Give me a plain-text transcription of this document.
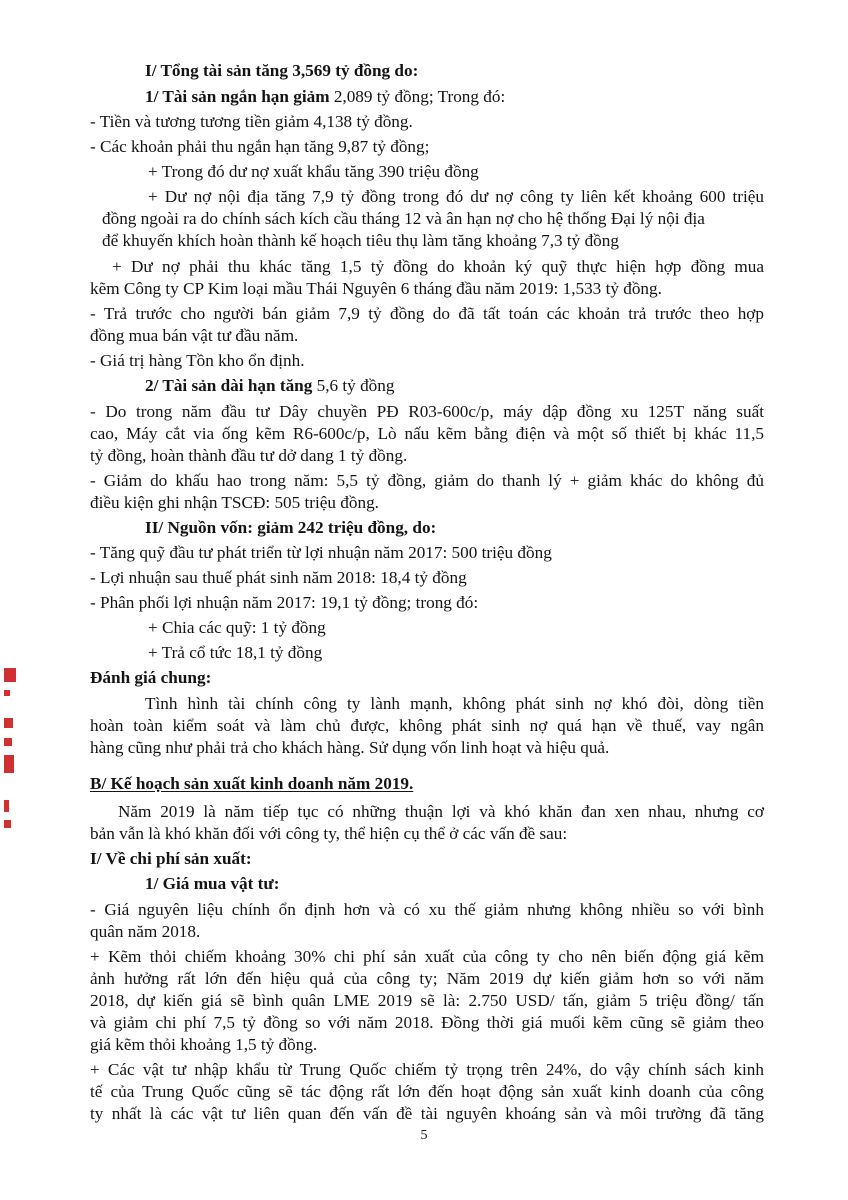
I/ Tổng tài sản tăng 3,569 tỷ đồng do:

1/ Tài sản ngắn hạn giảm 2,089 tỷ đồng; Trong đó:

- Tiền và tương tương tiền giảm 4,138 tỷ đồng.

- Các khoản phải thu ngắn hạn tăng 9,87 tỷ đồng;

+ Trong đó dư nợ xuất khẩu tăng 390 triệu đồng

+ Dư nợ nội địa tăng 7,9 tỷ đồng trong đó dư nợ công ty liên kết khoảng 600 triệu

đồng ngoài ra do chính sách kích cầu tháng 12 và ân hạn nợ cho hệ thống Đại lý nội địa

để khuyến khích hoàn thành kế hoạch tiêu thụ làm tăng khoảng 7,3 tỷ đồng

+ Dư nợ phải thu khác tăng 1,5 tỷ đồng do khoản ký quỹ thực hiện hợp đồng mua

kẽm Công ty CP Kim loại mầu Thái Nguyên 6 tháng đầu năm 2019: 1,533 tỷ đồng.

- Trả trước cho người bán giảm 7,9 tỷ đồng do đã tất toán các khoản trả trước theo hợp

đồng mua bán vật tư đầu năm.

- Giá trị hàng Tồn kho ổn định.

2/ Tài sản dài hạn tăng 5,6 tỷ đồng

- Do trong năm đầu tư Dây chuyền PĐ R03-600c/p, máy dập đồng xu 125T năng suất

cao, Máy cắt via ống kẽm R6-600c/p, Lò nấu kẽm bằng điện và một số thiết bị khác 11,5

tỷ đồng, hoàn thành đầu tư dở dang 1 tỷ đồng.

- Giảm do khấu hao trong năm: 5,5 tỷ đồng, giảm do thanh lý + giảm khác do không đủ

điều kiện ghi nhận TSCĐ: 505 triệu đồng.

II/ Nguồn vốn: giảm 242 triệu đồng, do:

- Tăng quỹ đầu tư phát triển từ lợi nhuận năm 2017: 500 triệu đồng

- Lợi nhuận sau thuế phát sinh năm 2018: 18,4 tỷ đồng

- Phân phối lợi nhuận năm 2017: 19,1 tỷ đồng; trong đó:

+ Chia các quỹ: 1 tỷ đồng

+ Trả cổ tức 18,1 tỷ đồng

Đánh giá chung:

Tình hình tài chính công ty lành mạnh, không phát sinh nợ khó đòi, dòng tiền

hoàn toàn kiểm soát và làm chủ được, không phát sinh nợ quá hạn về thuế, vay ngân

hàng cũng như phải trả cho khách hàng. Sử dụng vốn linh hoạt và hiệu quả.

B/ Kế hoạch sản xuất kinh doanh năm 2019.

Năm 2019 là năm tiếp tục có những thuận lợi và khó khăn đan xen nhau, nhưng cơ

bản vẫn là khó khăn đối với công ty, thể hiện cụ thể ở các vấn đề sau:

I/ Về chi phí sản xuất:

1/ Giá mua vật tư:

- Giá nguyên liệu chính ổn định hơn và có xu thế giảm nhưng không nhiều so với bình

quân năm 2018.

+ Kẽm thỏi chiếm khoảng 30% chi phí sản xuất của công ty cho nên biến động giá kẽm

ảnh hưởng rất lớn đến hiệu quả của công ty; Năm 2019 dự kiến giảm hơn so với năm

2018, dự kiến giá sẽ bình quân LME 2019 sẽ là: 2.750 USD/ tấn, giảm 5 triệu đồng/ tấn

và giảm chi phí 7,5 tỷ đồng so với năm 2018. Đồng thời giá muối kẽm cũng sẽ giảm theo

giá kẽm thỏi khoảng 1,5 tỷ đồng.

+ Các vật tư nhập khẩu từ Trung Quốc chiếm tỷ trọng trên 24%, do vậy chính sách kinh

tế của Trung Quốc cũng sẽ tác động rất lớn đến hoạt động sản xuất kinh doanh của công

ty nhất là các vật tư liên quan đến vấn đề tài nguyên khoáng sản và môi trường đã tăng

5
